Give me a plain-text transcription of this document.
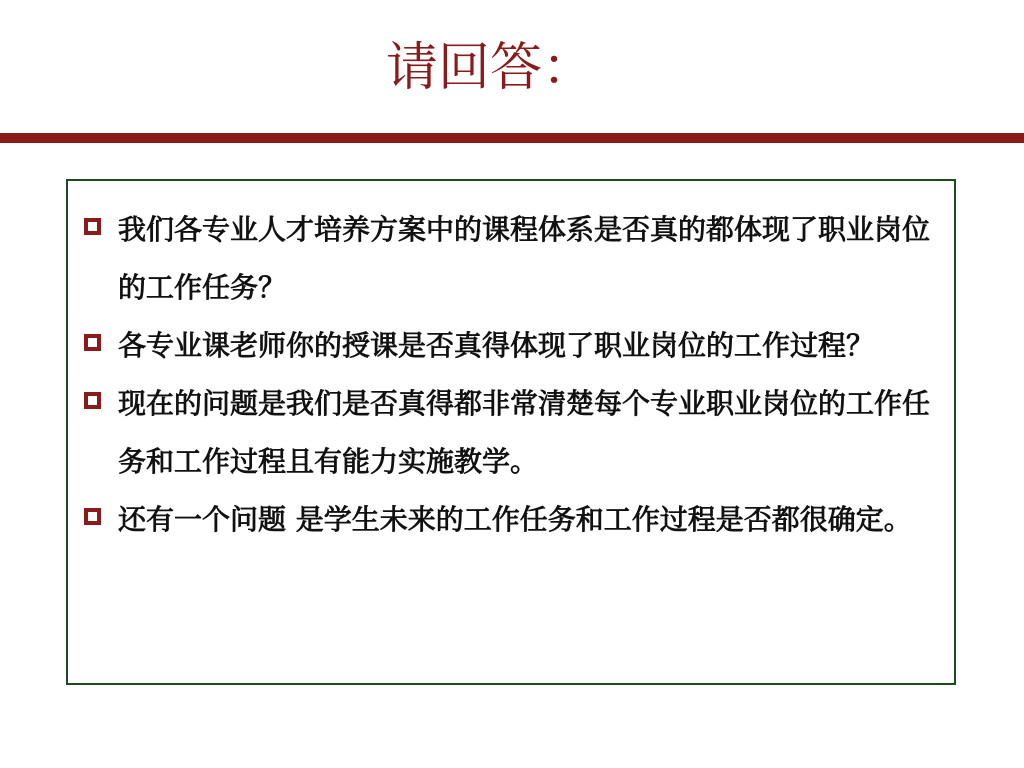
请回答：
我们各专业人才培养方案中的课程体系是否真的都体现了职业岗位的工作任务？
各专业课老师你的授课是否真得体现了职业岗位的工作过程？
现在的问题是我们是否真得都非常清楚每个专业职业岗位的工作任务和工作过程且有能力实施教学。
还有一个问题 是学生未来的工作任务和工作过程是否都很确定。
